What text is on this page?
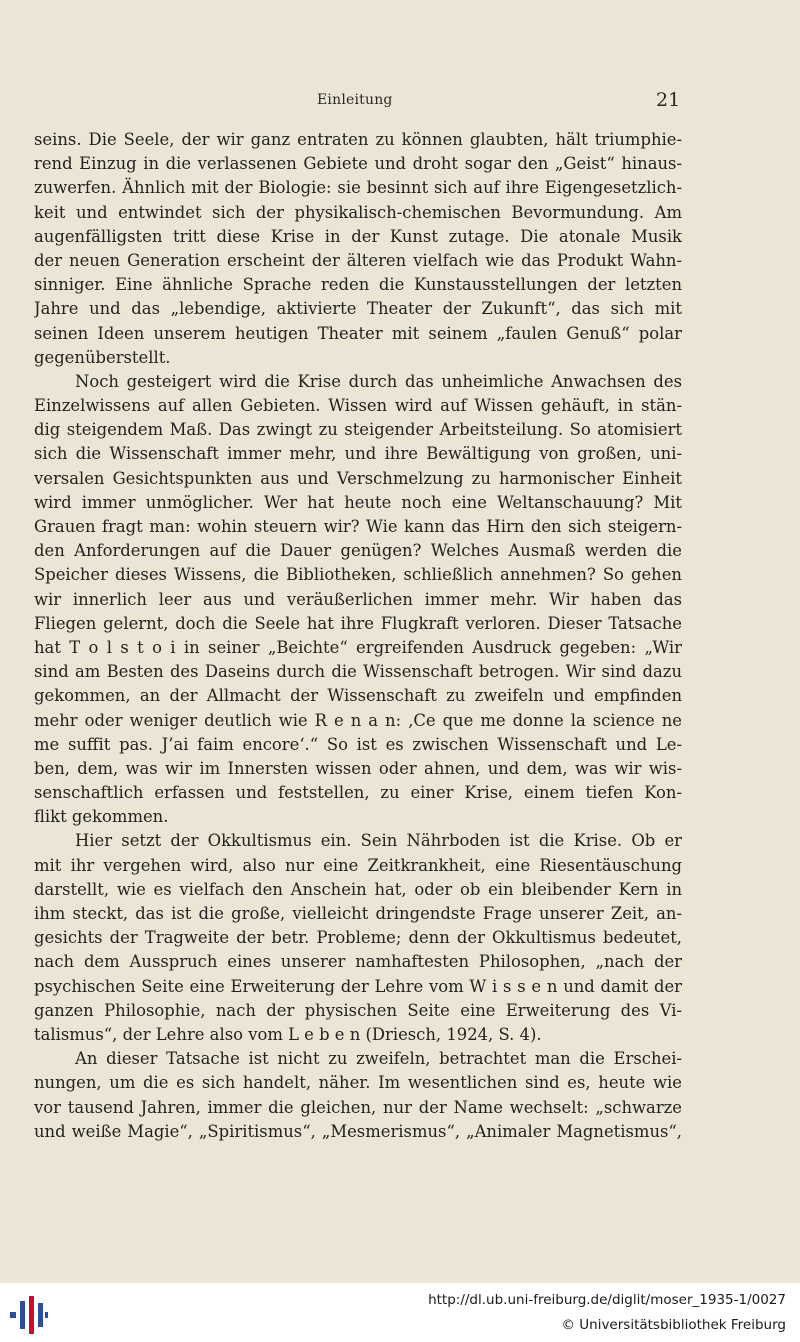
Einleitung	21
seins. Die Seele, der wir ganz entraten zu können glaubten, hält triumphie-
rend Einzug in die verlassenen Gebiete und droht sogar den „Geist“ hinaus-
zuwerfen. Ähnlich mit der Biologie: sie besinnt sich auf ihre Eigengesetzlich-
keit und entwindet sich der physikalisch-chemischen Bevormundung. Am
augenfälligsten tritt diese Krise in der Kunst zutage. Die atonale Musik
der neuen Generation erscheint der älteren vielfach wie das Produkt Wahn-
sinniger. Eine ähnliche Sprache reden die Kunstausstellungen der letzten
Jahre und das „lebendige, aktivierte Theater der Zukunft“, das sich mit
seinen Ideen unserem heutigen Theater mit seinem „faulen Genuß“ polar
gegenüberstellt.
Noch gesteigert wird die Krise durch das unheimliche Anwachsen des
Einzelwissens auf allen Gebieten. Wissen wird auf Wissen gehäuft, in stän-
dig steigendem Maß. Das zwingt zu steigender Arbeitsteilung. So atomisiert
sich die Wissenschaft immer mehr, und ihre Bewältigung von großen, uni-
versalen Gesichtspunkten aus und Verschmelzung zu harmonischer Einheit
wird immer unmöglicher. Wer hat heute noch eine Weltanschauung? Mit
Grauen fragt man: wohin steuern wir? Wie kann das Hirn den sich steigern-
den Anforderungen auf die Dauer genügen? Welches Ausmaß werden die
Speicher dieses Wissens, die Bibliotheken, schließlich annehmen? So gehen
wir innerlich leer aus und veräußerlichen immer mehr. Wir haben das
Fliegen gelernt, doch die Seele hat ihre Flugkraft verloren. Dieser Tatsache
hat T o l s t o i in seiner „Beichte“ ergreifenden Ausdruck gegeben: „Wir
sind am Besten des Daseins durch die Wissenschaft betrogen. Wir sind dazu
gekommen, an der Allmacht der Wissenschaft zu zweifeln und empfinden
mehr oder weniger deutlich wie R e n a n: ‚Ce que me donne la science ne
me suffit pas. J’ai faim encore‘.“ So ist es zwischen Wissenschaft und Le-
ben, dem, was wir im Innersten wissen oder ahnen, und dem, was wir wis-
senschaftlich erfassen und feststellen, zu einer Krise, einem tiefen Kon-
flikt gekommen.
Hier setzt der Okkultismus ein. Sein Nährboden ist die Krise. Ob er
mit ihr vergehen wird, also nur eine Zeitkrankheit, eine Riesentäuschung
darstellt, wie es vielfach den Anschein hat, oder ob ein bleibender Kern in
ihm steckt, das ist die große, vielleicht dringendste Frage unserer Zeit, an-
gesichts der Tragweite der betr. Probleme; denn der Okkultismus bedeutet,
nach dem Ausspruch eines unserer namhaftesten Philosophen, „nach der
psychischen Seite eine Erweiterung der Lehre vom W i s s e n und damit der
ganzen Philosophie, nach der physischen Seite eine Erweiterung des Vi-
talismus“, der Lehre also vom L e b e n (Driesch, 1924, S. 4).
An dieser Tatsache ist nicht zu zweifeln, betrachtet man die Erschei-
nungen, um die es sich handelt, näher. Im wesentlichen sind es, heute wie
vor tausend Jahren, immer die gleichen, nur der Name wechselt: „schwarze
und weiße Magie“, „Spiritismus“, „Mesmerismus“, „Animaler Magnetismus“,
http://dl.ub.uni-freiburg.de/diglit/moser_1935-1/0027
© Universitätsbibliothek Freiburg
